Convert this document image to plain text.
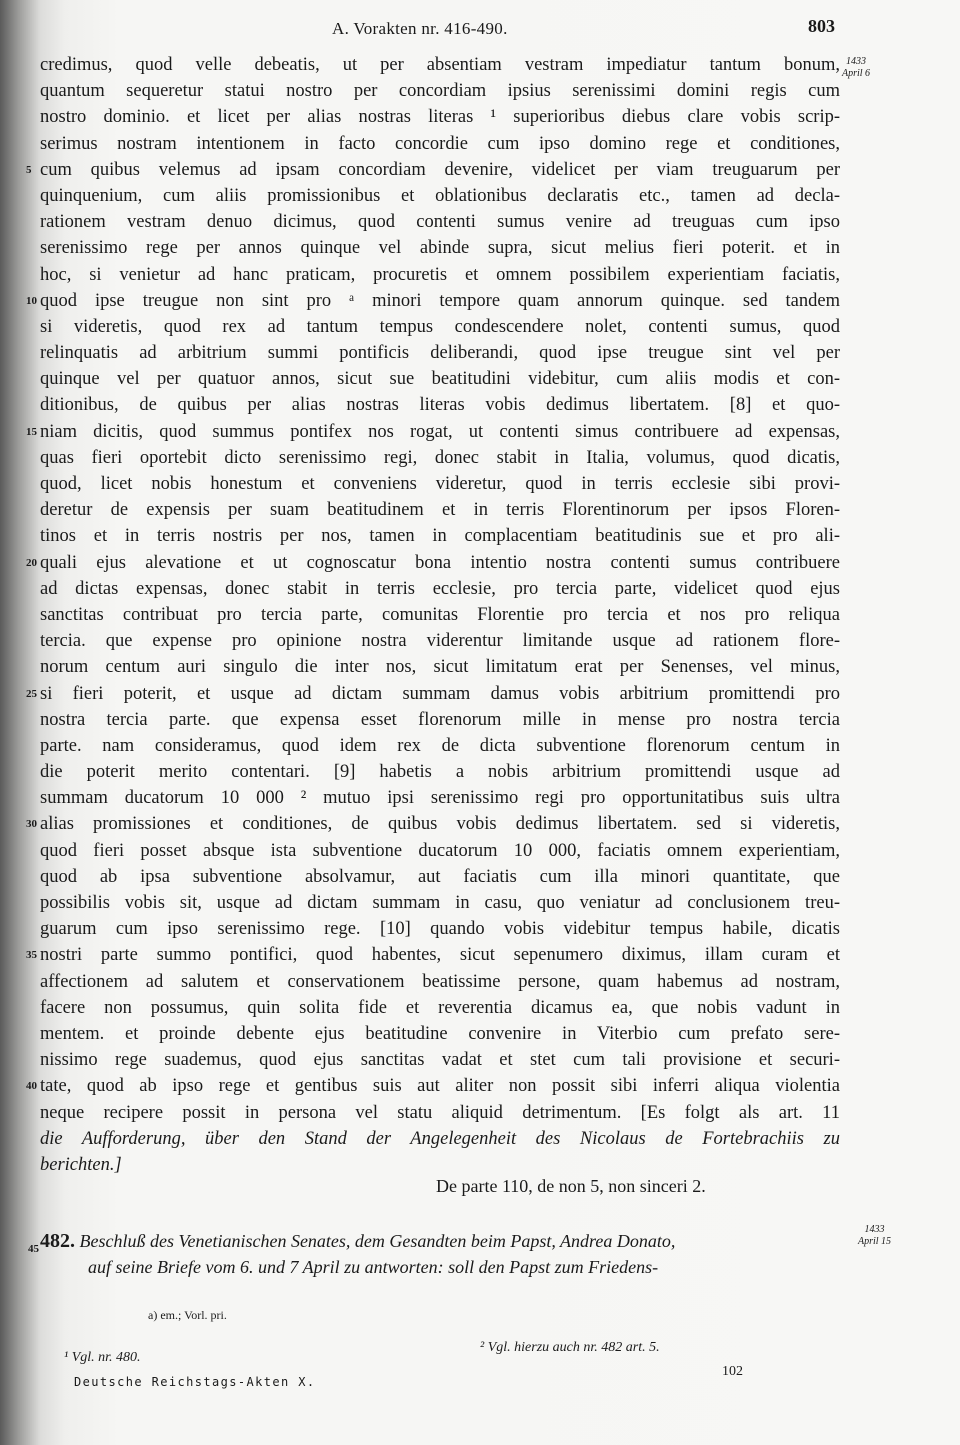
A. Vorakten nr. 416-490.	803
1433
April 6
credimus, quod velle debeatis, ut per absentiam vestram impediatur tantum bonum,
quantum sequeretur statui nostro per concordiam ipsius serenissimi domini regis cum
nostro dominio. et licet per alias nostras literas ¹ superioribus diebus clare vobis scrip-
serimus nostram intentionem in facto concordie cum ipso domino rege et conditiones,
5 cum quibus velemus ad ipsam concordiam devenire, videlicet per viam treuguarum per
quinquenium, cum aliis promissionibus et oblationibus declaratis etc., tamen ad decla-
rationem vestram denuo dicimus, quod contenti sumus venire ad treuguas cum ipso
serenissimo rege per annos quinque vel abinde supra, sicut melius fieri poterit. et in
hoc, si venietur ad hanc praticam, procuretis et omnem possibilem experientiam faciatis,
10 quod ipse treugue non sint pro ᵃ minori tempore quam annorum quinque. sed tandem
si videretis, quod rex ad tantum tempus condescendere nolet, contenti sumus, quod
relinquatis ad arbitrium summi pontificis deliberandi, quod ipse treugue sint vel per
quinque vel per quatuor annos, sicut sue beatitudini videbitur, cum aliis modis et con-
ditionibus, de quibus per alias nostras literas vobis dedimus libertatem. [8] et quo-
15 niam dicitis, quod summus pontifex nos rogat, ut contenti simus contribuere ad expensas,
quas fieri oportebit dicto serenissimo regi, donec stabit in Italia, volumus, quod dicatis,
quod, licet nobis honestum et conveniens videretur, quod in terris ecclesie sibi provi-
deretur de expensis per suam beatitudinem et in terris Florentinorum per ipsos Floren-
tinos et in terris nostris per nos, tamen in complacentiam beatitudinis sue et pro ali-
20 quali ejus alevatione et ut cognoscatur bona intentio nostra contenti sumus contribuere
ad dictas expensas, donec stabit in terris ecclesie, pro tercia parte, videlicet quod ejus
sanctitas contribuat pro tercia parte, comunitas Florentie pro tercia et nos pro reliqua
tercia. que expense pro opinione nostra viderentur limitande usque ad rationem flore-
norum centum auri singulo die inter nos, sicut limitatum erat per Senenses, vel minus,
25 si fieri poterit, et usque ad dictam summam damus vobis arbitrium promittendi pro
nostra tercia parte. que expensa esset florenorum mille in mense pro nostra tercia
parte. nam consideramus, quod idem rex de dicta subventione florenorum centum in
die poterit merito contentari. [9] habetis a nobis arbitrium promittendi usque ad
summam ducatorum 10 000 ² mutuo ipsi serenissimo regi pro opportunitatibus suis ultra
30 alias promissiones et conditiones, de quibus vobis dedimus libertatem. sed si videretis,
quod fieri posset absque ista subventione ducatorum 10 000, faciatis omnem experientiam,
quod ab ipsa subventione absolvamur, aut faciatis cum illa minori quantitate, que
possibilis vobis sit, usque ad dictam summam in casu, quo veniatur ad conclusionem treu-
guarum cum ipso serenissimo rege. [10] quando vobis videbitur tempus habile, dicatis
35 nostri parte summo pontifici, quod habentes, sicut sepenumero diximus, illam curam et
affectionem ad salutem et conservationem beatissime persone, quam habemus ad nostram,
facere non possumus, quin solita fide et reverentia dicamus ea, que nobis vadunt in
mentem. et proinde debente ejus beatitudine convenire in Viterbio cum prefato sere-
nissimo rege suademus, quod ejus sanctitas vadat et stet cum tali provisione et securi-
40 tate, quod ab ipso rege et gentibus suis aut aliter non possit sibi inferri aliqua violentia
neque recipere possit in persona vel statu aliquid detrimentum. [Es folgt als art. 11
die Aufforderung, über den Stand der Angelegenheit des Nicolaus de Fortebrachiis zu
berichten.]
De parte 110, de non 5, non sinceri 2.
45 482. Beschluß des Venetianischen Senates, dem Gesandten beim Papst, Andrea Donato,
auf seine Briefe vom 6. und 7 April zu antworten: soll den Papst zum Friedens-
1433
April 15
a) em.; Vorl. pri.
¹ Vgl. nr. 480.
² Vgl. hierzu auch nr. 482 art. 5.
Deutsche Reichstags-Akten X.
102
